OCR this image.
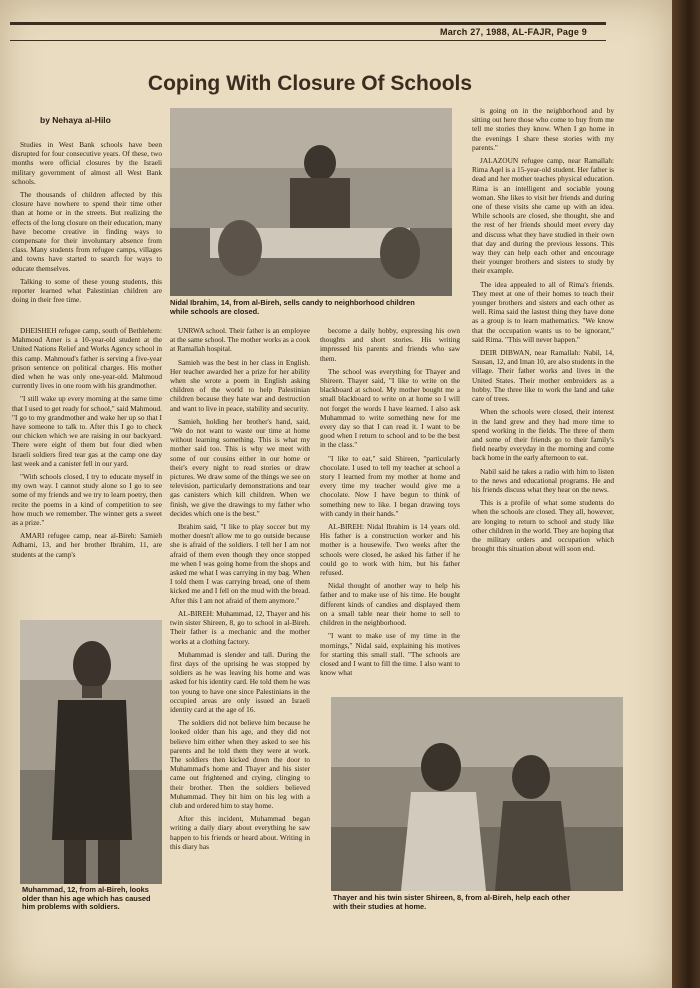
March 27, 1988, AL-FAJR, Page 9
Coping With Closure Of Schools
by Nehaya al-Hilo
Nidal Ibrahim, 14, from al-Bireh, sells candy to neighborhood children while schools are closed.
Muhammad, 12, from al-Bireh, looks older than his age which has caused him problems with soldiers.
Thayer and his twin sister Shireen, 8, from al-Bireh, help each other with their studies at home.

Studies in West Bank schools have been disrupted for four consecutive years. Of these, two months were official closures by the Israeli military government of almost all West Bank schools.

The thousands of children affected by this closure have nowhere to spend their time other than at home or in the streets. But realizing the effects of the long closure on their education, many have become creative in finding ways to compensate for their involuntary absence from class. Many students from refugee camps, villages and towns have started to search for ways to educate themselves.

Talking to some of these young students, this reporter learned what Palestinian children are doing in their free time.

DHEISHEH refugee camp, south of Bethlehem: Mahmoud Amer is a 10-year-old student at the United Nations Relief and Works Agency school in this camp. Mahmoud's father is serving a five-year prison sentence on political charges. His mother died when he was only one-year-old. Mahmoud currently lives in one room with his grandmother.

"I still wake up every morning at the same time that I used to get ready for school," said Mahmoud. "I go to my grandmother and wake her up so that I have someone to talk to. After this I go to check our chicken which we are raising in our backyard. There were eight of them but four died when Israeli soldiers fired tear gas at the camp one day last week and a canister fell in our yard.

"With schools closed, I try to educate myself in my own way. I cannot study alone so I go to see some of my friends and we try to learn poetry, then recite the poems in a kind of competition to see how much we remember. The winner gets a sweet as a prize."

AMARI refugee camp, near al-Bireh: Samieh Adhami, 13, and her brother Ibrahim, 11, are students at the camp's

UNRWA school. Their father is an employee at the same school. The mother works as a cook at Ramallah hospital.

Samieh was the best in her class in English. Her teacher awarded her a prize for her ability when she wrote a poem in English asking children of the world to help Palestinian children because they hate war and destruction and want to live in peace, stability and security.

Samieh, holding her brother's hand, said, "We do not want to waste our time at home without learning something. This is what my mother said too. This is why we meet with some of our cousins either in our home or their's every night to read stories or draw pictures. We draw some of the things we see on television, particularly demonstrations and tear gas canisters which kill children. When we finish, we give the drawings to my father who decides which one is the best."

Ibrahim said, "I like to play soccer but my mother doesn't allow me to go outside because she is afraid of the soldiers. I tell her I am not afraid of them even though they once stopped me when I was going home from the shops and asked me what I was carrying in my bag. When I told them I was carrying bread, one of them kicked me and I fell on the mud with the bread. After this I am not afraid of them anymore."

AL-BIREH: Muhammad, 12, Thayer and his twin sister Shireen, 8, go to school in al-Bireh. Their father is a mechanic and the mother works at a clothing factory.

Muhammad is slender and tall. During the first days of the uprising he was stopped by soldiers as he was leaving his home and was asked for his identity card. He told them he was too young to have one since Palestinians in the occupied areas are only issued an Israeli identity card at the age of 16.

The soldiers did not believe him because he looked older than his age, and they did not believe him either when they asked to see his parents and he told them they were at work. The soldiers then kicked down the door to Muhammad's home and Thayer and his sister came out frightened and crying, clinging to their brother. Then the soldiers believed Muhammad. They hit him on his leg with a club and ordered him to stay home.

After this incident, Muhammad began writing a daily diary about everything he saw happen to his friends or heard about. Writing in this diary has

become a daily hobby, expressing his own thoughts and short stories. His writing impressed his parents and friends who saw them.

The school was everything for Thayer and Shireen. Thayer said, "I like to write on the blackboard at school. My mother bought me a small blackboard to write on at home so I will not forget the words I have learned. I also ask Muhammad to write something new for me every day so that I can read it. I want to be good when I return to school and to be the best in the class."

"I like to eat," said Shireen, "particularly chocolate. I used to tell my teacher at school a story I learned from my mother at home and every time my teacher would give me a chocolate. Now I have begun to think of something new to like. I began drawing toys with candy in their hands."

AL-BIREH: Nidal Ibrahim is 14 years old. His father is a construction worker and his mother is a housewife. Two weeks after the schools were closed, he asked his father if he could go to work with him, but his father refused.

Nidal thought of another way to help his father and to make use of his time. He bought different kinds of candies and displayed them on a small table near their home to sell to children in the neighborhood.

"I want to make use of my time in the mornings," Nidal said, explaining his motives for starting this small stall. "The schools are closed and I want to fill the time. I also want to know what

is going on in the neighborhood and by sitting out here those who come to buy from me tell me stories they know. When I go home in the evenings I share these stories with my parents."

JALAZOUN refugee camp, near Ramallah: Rima Aqel is a 15-year-old student. Her father is dead and her mother teaches physical education. Rima is an intelligent and sociable young woman. She likes to visit her friends and during one of these visits she came up with an idea. While schools are closed, she thought, she and the rest of her friends should meet every day and discuss what they have studied in their own that day and during the previous lessons. This way they can help each other and encourage their younger brothers and sisters to study by their example.

The idea appealed to all of Rima's friends. They meet at one of their homes to teach their younger brothers and sisters and each other as well. Rima said the lastest thing they have done as a group is to learn mathematics. "We know that the occupation wants us to be ignorant," said Rima. "This will never happen."

DEIR DIBWAN, near Ramallah: Nabil, 14, Sausan, 12, and Iman 10, are also students in the village. Their father works and lives in the United States. Their mother embroiders as a hobby. The three like to work the land and take care of trees.

When the schools were closed, their interest in the land grew and they had more time to spend working in the fields. The three of them and some of their friends go to their family's field nearby everyday in the morning and come back home in the early afternoon to eat.

Nabil said he takes a radio with him to listen to the news and educational programs. He and his friends discuss what they hear on the news.

This is a profile of what some students do when the schools are closed. They all, however, are longing to return to school and study like other children in the world. They are hoping that the military orders and occupation which brought this situation about will soon end.
